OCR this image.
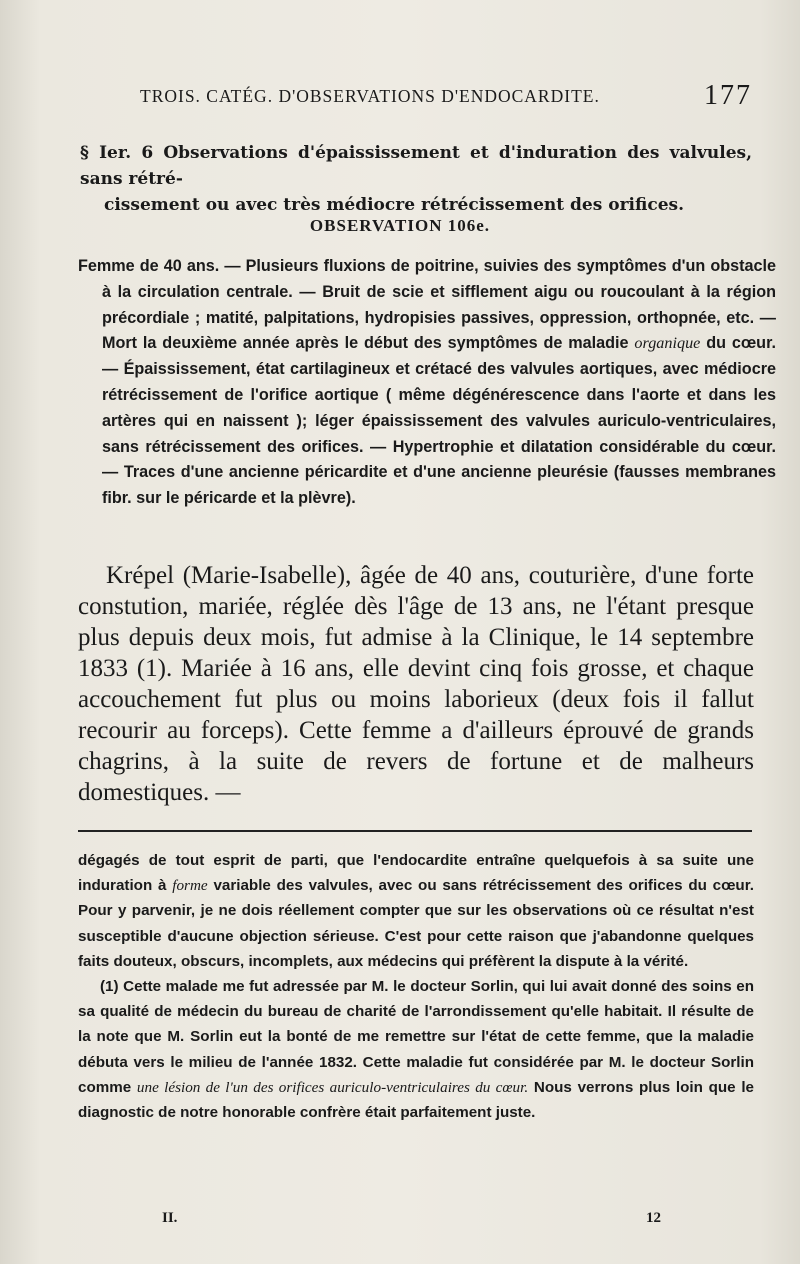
TROIS. CATÉG. D'OBSERVATIONS D'ENDOCARDITE.	177
§ Ier. 6 Observations d'épaississement et d'induration des valvules, sans rétré-
cissement ou avec très médiocre rétrécissement des orifices.
OBSERVATION 106e.
Femme de 40 ans. — Plusieurs fluxions de poitrine, suivies des symptômes d'un obstacle à la circulation centrale. — Bruit de scie et sifflement aigu ou roucoulant à la région précordiale ; matité, palpitations, hydropisies passives, oppression, orthopnée, etc. — Mort la deuxième année après le début des symptômes de maladie organique du cœur. — Épaississement, état cartilagineux et crétacé des valvules aortiques, avec médiocre rétrécissement de l'orifice aortique ( même dégénérescence dans l'aorte et dans les artères qui en naissent ); léger épaississement des valvules auriculo-ventriculaires, sans rétrécissement des orifices. — Hypertrophie et dilatation considérable du cœur. — Traces d'une ancienne péricardite et d'une ancienne pleurésie (fausses membranes fibr. sur le péricarde et la plèvre).
Krépel (Marie-Isabelle), âgée de 40 ans, couturière, d'une forte constution, mariée, réglée dès l'âge de 13 ans, ne l'étant presque plus depuis deux mois, fut admise à la Clinique, le 14 septembre 1833 (1). Mariée à 16 ans, elle devint cinq fois grosse, et chaque accouchement fut plus ou moins laborieux (deux fois il fallut recourir au forceps). Cette femme a d'ailleurs éprouvé de grands chagrins, à la suite de revers de fortune et de malheurs domestiques. —

dégagés de tout esprit de parti, que l'endocardite entraîne quelquefois à sa suite une induration à forme variable des valvules, avec ou sans rétrécissement des orifices du cœur. Pour y parvenir, je ne dois réellement compter que sur les observations où ce résultat n'est susceptible d'aucune objection sérieuse. C'est pour cette raison que j'abandonne quelques faits douteux, obscurs, incomplets, aux médecins qui préfèrent la dispute à la vérité.

(1) Cette malade me fut adressée par M. le docteur Sorlin, qui lui avait donné des soins en sa qualité de médecin du bureau de charité de l'arrondissement qu'elle habitait. Il résulte de la note que M. Sorlin eut la bonté de me remettre sur l'état de cette femme, que la maladie débuta vers le milieu de l'année 1832. Cette maladie fut considérée par M. le docteur Sorlin comme une lésion de l'un des orifices auriculo-ventriculaires du cœur. Nous verrons plus loin que le diagnostic de notre honorable confrère était parfaitement juste.

II.	12
